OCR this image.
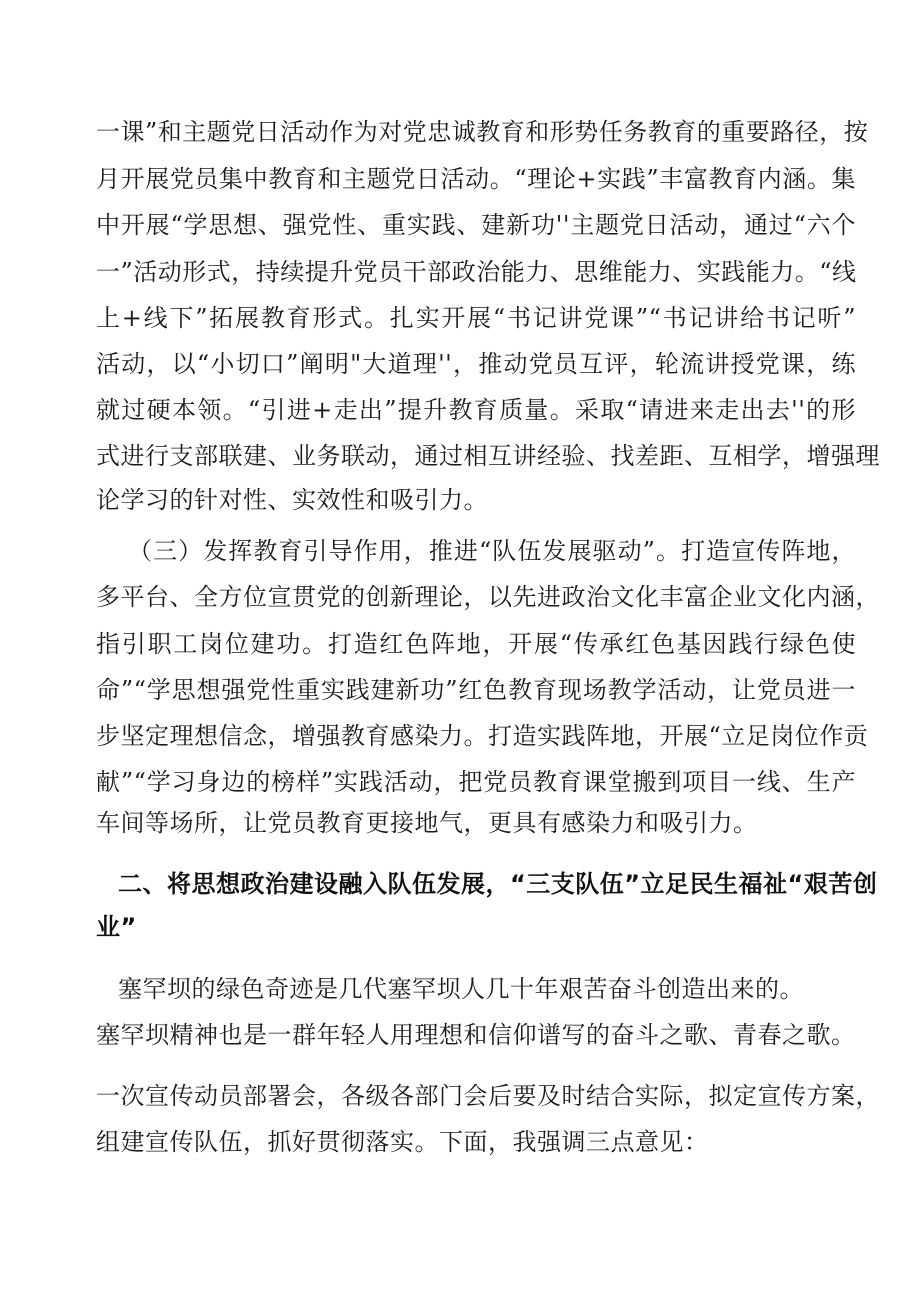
一课”和主题党日活动作为对党忠诚教育和形势任务教育的重要路径，按
月开展党员集中教育和主题党日活动。“理论+实践”丰富教育内涵。集
中开展“学思想、强党性、重实践、建新功''主题党日活动，通过“六个
一”活动形式，持续提升党员干部政治能力、思维能力、实践能力。“线
上+线下”拓展教育形式。扎实开展“书记讲党课”“书记讲给书记听”
活动，以“小切口”阐明"大道理''，推动党员互评，轮流讲授党课，练
就过硬本领。“引进+走出”提升教育质量。采取“请进来走出去''的形
式进行支部联建、业务联动，通过相互讲经验、找差距、互相学，增强理
论学习的针对性、实效性和吸引力。
（三）发挥教育引导作用，推进“队伍发展驱动”。打造宣传阵地，
多平台、全方位宣贯党的创新理论，以先进政治文化丰富企业文化内涵，
指引职工岗位建功。打造红色阵地，开展“传承红色基因践行绿色使
命”“学思想强党性重实践建新功”红色教育现场教学活动，让党员进一
步坚定理想信念，增强教育感染力。打造实践阵地，开展“立足岗位作贡
献”“学习身边的榜样”实践活动，把党员教育课堂搬到项目一线、生产
车间等场所，让党员教育更接地气，更具有感染力和吸引力。
二、将思想政治建设融入队伍发展，“三支队伍”立足民生福祉“艰苦创
业”
塞罕坝的绿色奇迹是几代塞罕坝人几十年艰苦奋斗创造出来的。
塞罕坝精神也是一群年轻人用理想和信仰谱写的奋斗之歌、青春之歌。
一次宣传动员部署会，各级各部门会后要及时结合实际，拟定宣传方案，
组建宣传队伍，抓好贯彻落实。下面，我强调三点意见：
